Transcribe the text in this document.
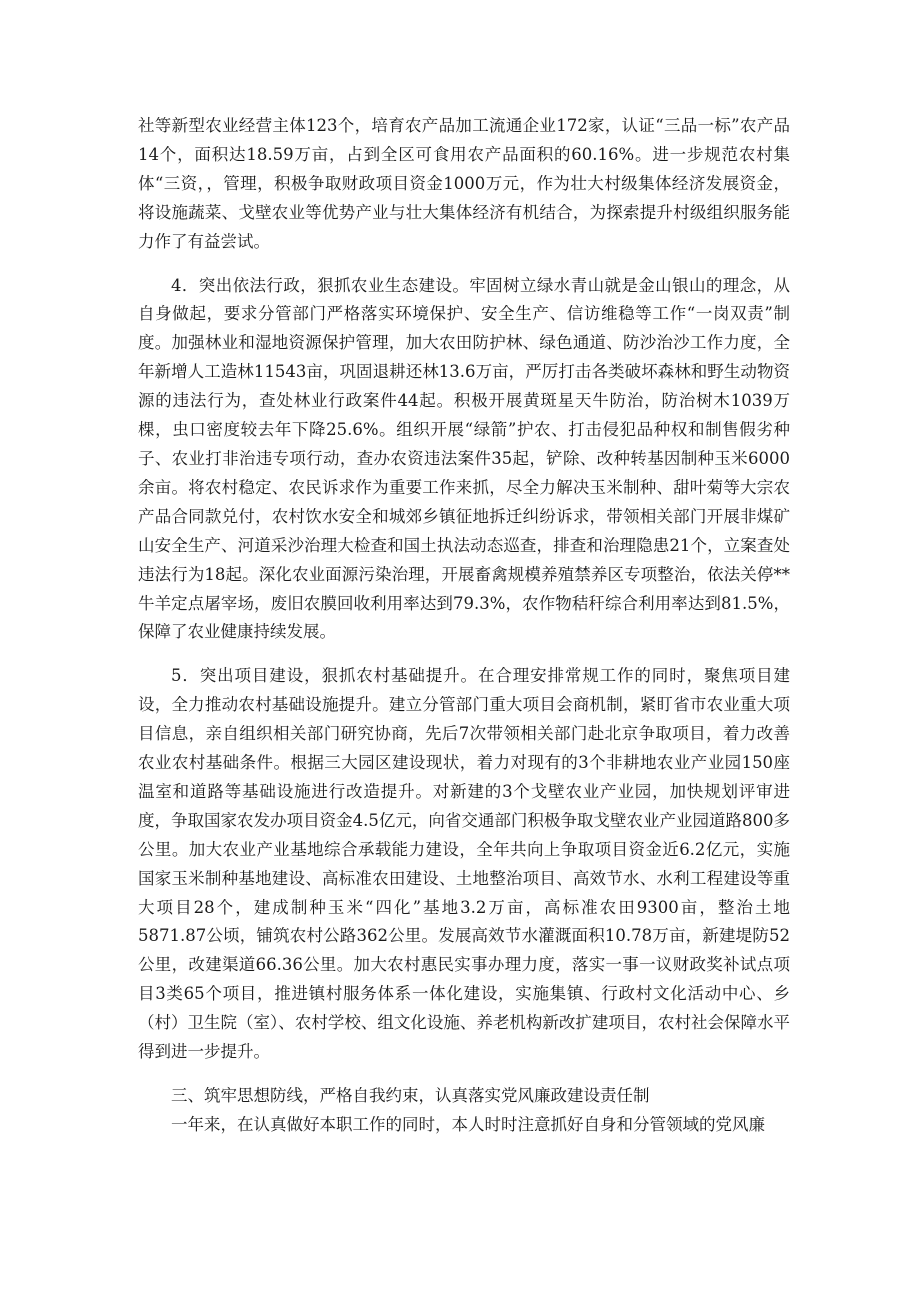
社等新型农业经营主体123个，培育农产品加工流通企业172家，认证“三品一标”农产品14个，面积达18.59万亩，占到全区可食用农产品面积的60.16%。进一步规范农村集体“三资，，管理，积极争取财政项目资金1000万元，作为壮大村级集体经济发展资金，将设施蔬菜、戈壁农业等优势产业与壮大集体经济有机结合，为探索提升村级组织服务能力作了有益尝试。

4．突出依法行政，狠抓农业生态建设。牢固树立绿水青山就是金山银山的理念，从自身做起，要求分管部门严格落实环境保护、安全生产、信访维稳等工作“一岗双责”制度。加强林业和湿地资源保护管理，加大农田防护林、绿色通道、防沙治沙工作力度，全年新增人工造林11543亩，巩固退耕还林13.6万亩，严厉打击各类破坏森林和野生动物资源的违法行为，查处林业行政案件44起。积极开展黄斑星天牛防治，防治树木1039万棵，虫口密度较去年下降25.6%。组织开展“绿箭”护农、打击侵犯品种权和制售假劣种子、农业打非治违专项行动，查办农资违法案件35起，铲除、改种转基因制种玉米6000余亩。将农村稳定、农民诉求作为重要工作来抓，尽全力解决玉米制种、甜叶菊等大宗农产品合同款兑付，农村饮水安全和城郊乡镇征地拆迁纠纷诉求，带领相关部门开展非煤矿山安全生产、河道采沙治理大检查和国土执法动态巡查，排查和治理隐患21个，立案查处违法行为18起。深化农业面源污染治理，开展畜禽规模养殖禁养区专项整治，依法关停**牛羊定点屠宰场，废旧农膜回收利用率达到79.3%，农作物秸秆综合利用率达到81.5%，保障了农业健康持续发展。

5．突出项目建设，狠抓农村基础提升。在合理安排常规工作的同时，聚焦项目建设，全力推动农村基础设施提升。建立分管部门重大项目会商机制，紧盯省市农业重大项目信息，亲自组织相关部门研究协商，先后7次带领相关部门赴北京争取项目，着力改善农业农村基础条件。根据三大园区建设现状，着力对现有的3个非耕地农业产业园150座温室和道路等基础设施进行改造提升。对新建的3个戈壁农业产业园，加快规划评审进度，争取国家农发办项目资金4.5亿元，向省交通部门积极争取戈壁农业产业园道路800多公里。加大农业产业基地综合承载能力建设，全年共向上争取项目资金近6.2亿元，实施国家玉米制种基地建设、高标准农田建设、土地整治项目、高效节水、水利工程建设等重大项目28个，建成制种玉米“四化”基地3.2万亩，高标准农田9300亩，整治土地5871.87公顷，铺筑农村公路362公里。发展高效节水灌溉面积10.78万亩，新建堤防52公里，改建渠道66.36公里。加大农村惠民实事办理力度，落实一事一议财政奖补试点项目3类65个项目，推进镇村服务体系一体化建设，实施集镇、行政村文化活动中心、乡（村）卫生院（室）、农村学校、组文化设施、养老机构新改扩建项目，农村社会保障水平得到进一步提升。

三、筑牢思想防线，严格自我约束，认真落实党风廉政建设责任制

一年来，在认真做好本职工作的同时，本人时时注意抓好自身和分管领域的党风廉
